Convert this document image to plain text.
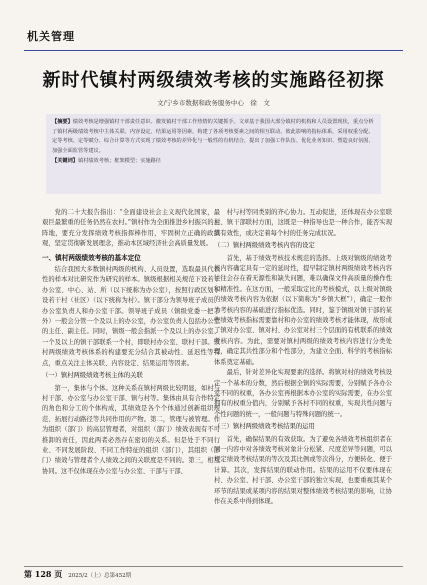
机关管理
新时代镇村两级绩效考核的实施路径初探
文/宁乡市数据和政务服务中心　徐　文
【摘要】绩效考核是增强镇村干部责任意识、激发镇村干部工作热情的关键抓手。文章基于我国大部分镇村的机构和人员设置现状，重点分析了镇村两级绩效考核中主体关联、内容设定、结果运用等因素，构建了各项考核要素之间的相互联动、彼此影响的指标体系，采用权重分配、定等考核、定等赋分、综合计算等方式实现了绩效考核的差异化与一般性的有机结合，提出了加强工作队伍、优化业务知识、塑造良好氛围、加强全面监管等建议。
【关键词】镇村绩效考核；框架模型；实施路径

党的二十大报告指出：“全面建设社会主义现代化国家，最艰巨最繁重的任务仍然在农村。”镇村作为全面推进乡村振兴的主阵地，要充分发挥绩效考核指挥棒作用，牢固树立正确的政绩观，坚定贯彻新发展理念，推动本区域经济社会高质量发展。

一、镇村两级绩效考核的基本定位

结合我国大多数镇村两级的机构、人员设置，选取最具代表性的样本对比研究作为研究的样本。镇级根据相关规范下设若干办公室、中心、站、所（以下统称为办公室），按照行政区划下设若干村（社区）（以下统称为村）。镇干部分为领导班子成员、办公室负责人和办公室干部。领导班子成员（镇级党委一把手外）一般会分管一个及以上的办公室，办公室负责人包括办公室的主任、副主任。同时，镇级一般会指派一个及以上的办公室、一个及以上的镇干部联系一个村，即联村办公室、联村干部。镇村两级绩效考核体系的构建要充分结合其被动性、延迟性等特点，重点关注主体关联、内容设定、结果运用等因素。

（一）镇村两级绩效考核主体的关联

第一，集体与个体。这种关系在镇村两级比较明显，如村与村干部、办公室与办公室干部、镇与村等。集体由具有合作特定的角色和分工的个体构成，其绩效是各个个体通过创新组织规范、拓展行动路径等共同作用的产物。第二，管理与被管理。作为组织（部门）的高层管理者，对组织（部门）绩效表现有不可推卸的责任，因此两者必然存在密切的关系。但是处于不同行业、不同发展阶段、不同工作特征的组织（部门），其组织（部门）绩效与管理者个人绩效之间的关联度是不同的。第三，相互协同。这不仅体现在办公室与办公室、干部与干部、

村与村等同类别的齐心协力。互动促进，还体现在办公室联村、镇干部联村方面，这既是一种指导也是一种合作，能否实现其有效性，或决定着每个村的任务完成状况。

（二）镇村两级绩效考核内容的设定

首先，基于绩效考核技术规范的选择。上级对镇级的绩效考核内容确定具有一定的延时性，提早制定镇村两级绩效考核内容往往会存在着无源性和缺失问题，难以确保文件高质量的操作性和精准性。在这方面，一般采取定比的考核模式，以上级对镇级的绩效考核内容为依据（以下简称为“乡镇大框”），确定一般作为考核内容的基础进行指标优选。同时，鉴于镇级对镇干部的某些绩效考核指标需要靠村和办公室的绩效考核才能体现，故形成了镇对办公室、镇对村、办公室对村三个层面的有机联系的绩效考核内容。为此，需要对镇村两级的绩效考核内容进行分类处理，确定其共性部分和个性部分，为建立全面、科学的考核指标体系奠定基础。

最后，针对差异化实现要素的选择。将镇对村的绩效考核设定一个基本的分数，然后根据全镇的实际需要，分别赋予各办公室不同的权重，各办公室再根据本办公室的实际需要，在办公室拥有的权重分值内，分别赋予各村不同的权重，实现共性问题与个性问题的统一，一般问题与特殊问题的统一。

（三）镇村两级绩效考核结果的运用

首先，确保结果的有效获取。为了避免各绩效考核组织者在同一内容中对各绩效考核对象计分松紧、尺度差异等问题，可以规定绩效考核结果的等次及其比例或等次得分，方便转化、便于计算。其次，发挥结果的联动作用。结果的运用不仅要体现在村、办公室、村干部、办公室干部的独立实现，也要重视其某个环节的结果或某项内容的结果对整体绩效考核结果的影响，让协作在关系中得到体现。

第 128 页 2025/2（上）总第452期
